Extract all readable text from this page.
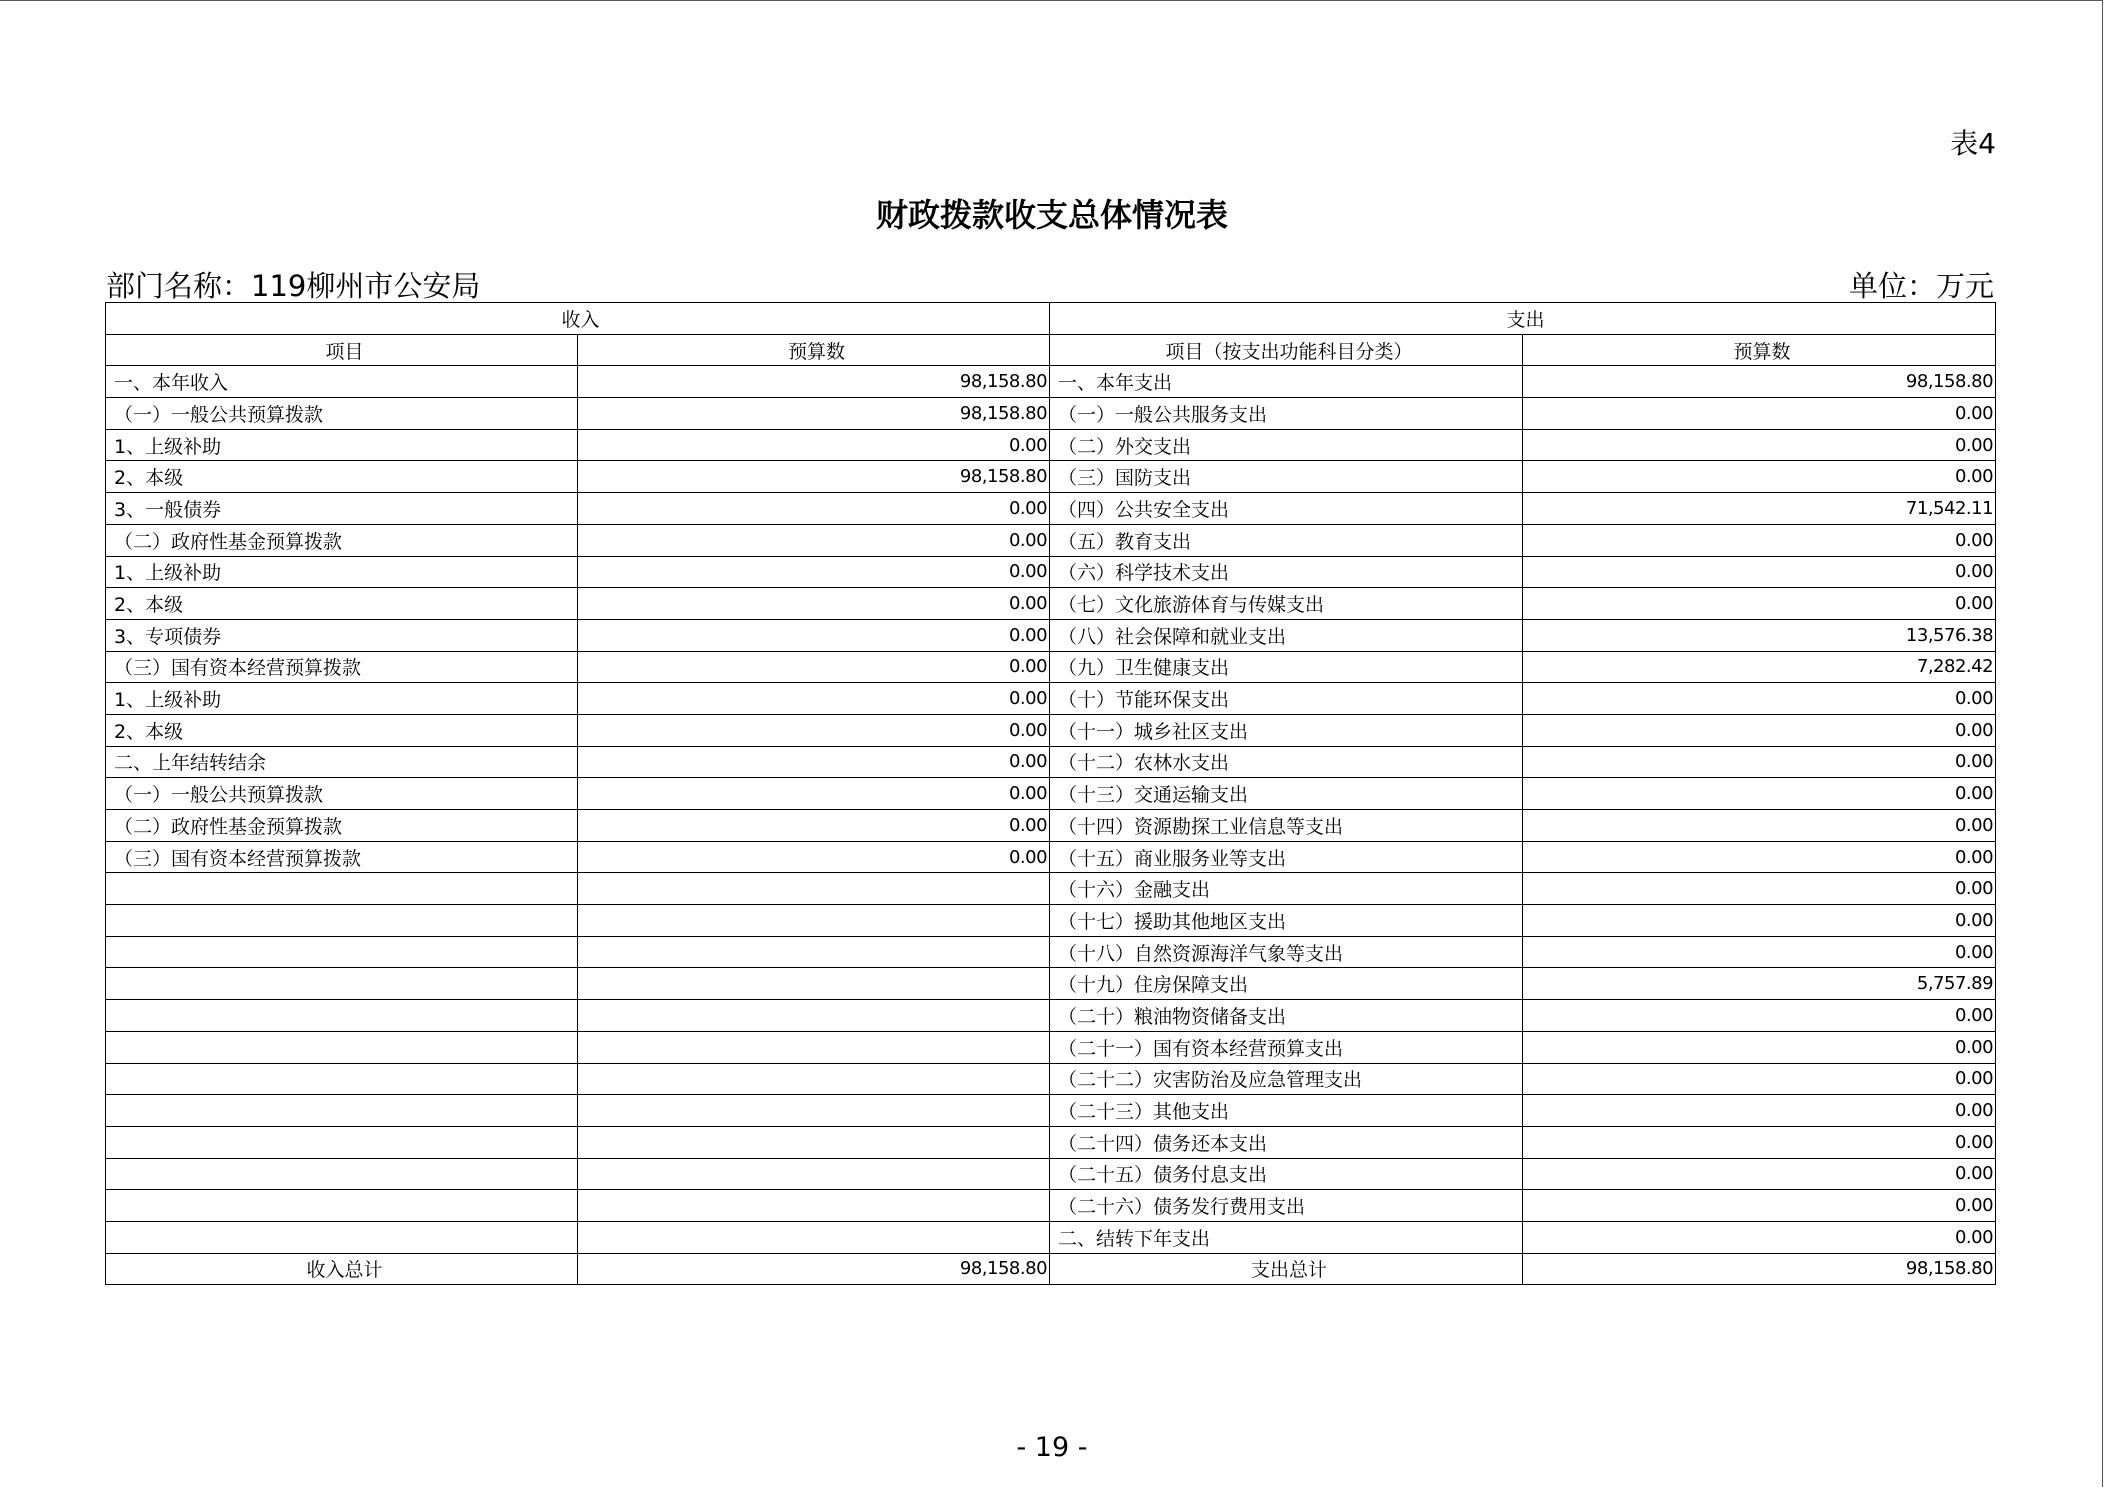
表4
财政拨款收支总体情况表
部门名称：119柳州市公安局	单位：万元
收入		支出	
项目	预算数	项目（按支出功能科目分类）	预算数
一、本年收入	98,158.80	一、本年支出	98,158.80
（一）一般公共预算拨款	98,158.80	（一）一般公共服务支出	0.00
1、上级补助	0.00	（二）外交支出	0.00
2、本级	98,158.80	（三）国防支出	0.00
3、一般债券	0.00	（四）公共安全支出	71,542.11
（二）政府性基金预算拨款	0.00	（五）教育支出	0.00
1、上级补助	0.00	（六）科学技术支出	0.00
2、本级	0.00	（七）文化旅游体育与传媒支出	0.00
3、专项债券	0.00	（八）社会保障和就业支出	13,576.38
（三）国有资本经营预算拨款	0.00	（九）卫生健康支出	7,282.42
1、上级补助	0.00	（十）节能环保支出	0.00
2、本级	0.00	（十一）城乡社区支出	0.00
二、上年结转结余	0.00	（十二）农林水支出	0.00
（一）一般公共预算拨款	0.00	（十三）交通运输支出	0.00
（二）政府性基金预算拨款	0.00	（十四）资源勘探工业信息等支出	0.00
（三）国有资本经营预算拨款	0.00	（十五）商业服务业等支出	0.00
		（十六）金融支出	0.00
		（十七）援助其他地区支出	0.00
		（十八）自然资源海洋气象等支出	0.00
		（十九）住房保障支出	5,757.89
		（二十）粮油物资储备支出	0.00
		（二十一）国有资本经营预算支出	0.00
		（二十二）灾害防治及应急管理支出	0.00
		（二十三）其他支出	0.00
		（二十四）债务还本支出	0.00
		（二十五）债务付息支出	0.00
		（二十六）债务发行费用支出	0.00
		二、结转下年支出	0.00
收入总计	98,158.80	支出总计	98,158.80
- 19 -
